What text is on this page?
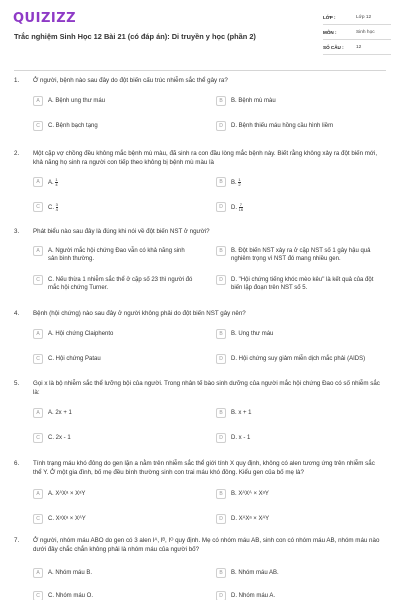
QUIZIZZ
Trắc nghiệm Sinh Học 12 Bài 21 (có đáp án): Di truyền y học (phần 2)
LỚP :	Lớp 12
MÔN :	Sinh học
SỐ CÂU :	12
1. Ở người, bệnh nào sau đây do đột biến cấu trúc nhiễm sắc thể gây ra?
A	A. Bệnh ung thư máu	B	B. Bệnh mù màu
C	C. Bệnh bạch tạng	D	D. Bệnh thiếu máu hồng cầu hình liềm
2. Một cặp vợ chồng đều không mắc bệnh mù màu, đã sinh ra con đầu lòng mắc bệnh này. Biết rằng không xảy ra đột biến mới, khả năng họ sinh ra người con tiếp theo không bị bệnh mù màu là
A	A. $\frac{1}{4}$	B	B. $\frac{1}{2}$
C	C. $\frac{3}{4}$	D	D. $\frac{7}{16}$
3. Phát biểu nào sau đây là đúng khi nói về đột biến NST ở người?
A	A. Người mắc hội chứng Đao vẫn có khả năng sinh sản bình thường.
B	B. Đột biến NST xảy ra ở cặp NST số 1 gây hậu quả nghiêm trọng vì NST đó mang nhiều gen.
C	C. Nếu thừa 1 nhiễm sắc thể ở cặp số 23 thì người đó mắc hội chứng Turner.
D	D. "Hội chứng tiếng khóc mèo kêu" là kết quả của đột biến lặp đoạn trên NST số 5.
4. Bệnh (hội chứng) nào sau đây ở người không phải do đột biến NST gây nên?
A	A. Hội chứng Claiphento	B	B. Ung thư máu
C	C. Hội chứng Patau	D	D. Hội chứng suy giảm miễn dịch mắc phải (AIDS)
5. Gọi x là bộ nhiễm sắc thể lưỡng bội của người. Trong nhân tế bào sinh dưỡng của người mắc hội chứng Đao có số nhiễm sắc là:
A	A. 2x + 1	B	B. x + 1
C	C. 2x - 1	D	D. x - 1
6. Tính trạng máu khó đông do gen lặn a nằm trên nhiễm sắc thể giới tính X quy định, không có alen tương ứng trên nhiễm sắc thể Y. Ở một gia đình, bố mẹ đều bình thường sinh con trai máu khó đông. Kiểu gen của bố mẹ là?
A	A. XᴬXᵃ × XᵃY	B	B. XᴬXᴬ × XᵃY
C	C. XᵃXᵃ × XᴬY	D	D. XᴬXᵃ × XᴬY
7. Ở người, nhóm máu ABO do gen có 3 alen Iᴬ, Iᴮ, Iᴼ quy định. Mẹ có nhóm máu AB, sinh con có nhóm máu AB, nhóm máu nào dưới đây chắc chắn không phải là nhóm máu của người bố?
A	A. Nhóm máu B.	B	B. Nhóm máu AB.
C	C. Nhóm máu O.	D	D. Nhóm máu A.
